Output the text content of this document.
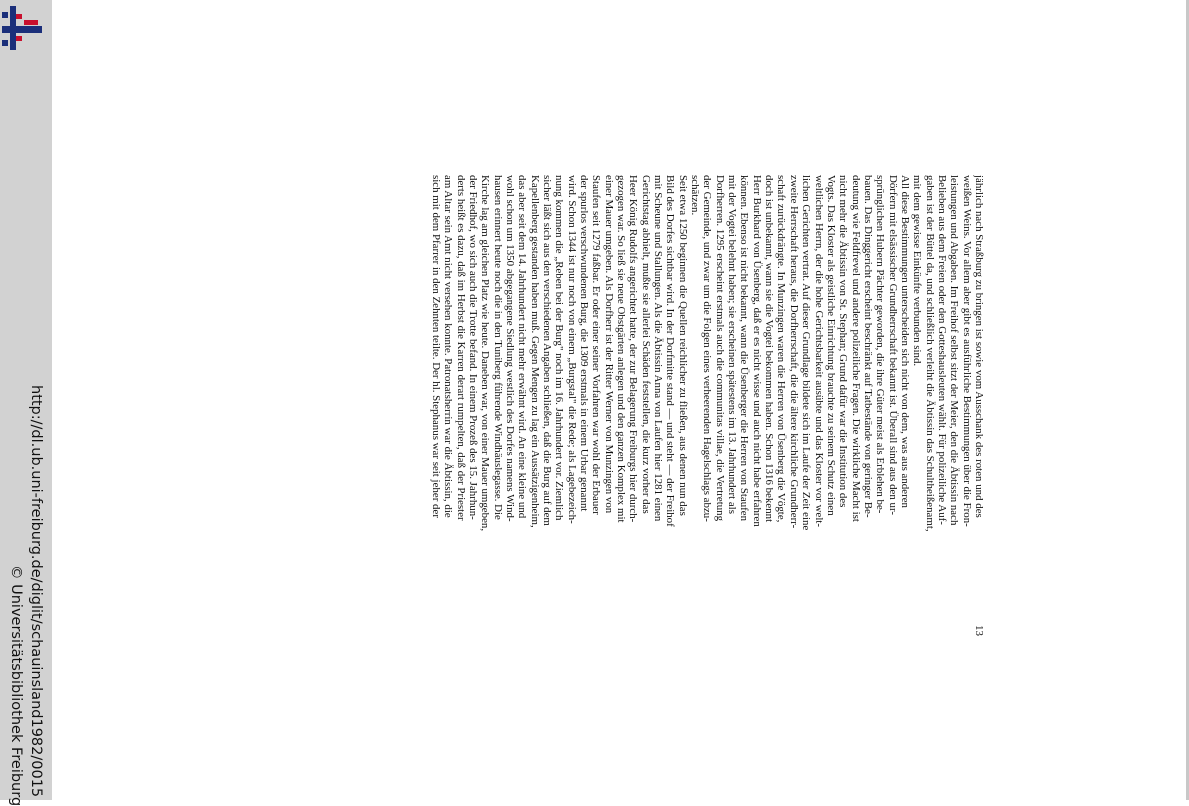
http://dl.ub.uni-freiburg.de/diglit/schauinsland1982/0015
© Universitätsbibliothek Freiburg
jährlich nach Straßburg zu bringen ist sowie vom Ausschank des roten und des
weißen Weins. Vor allem aber gibt es ausführliche Bestimmungen über die Fron-
leistungen und Abgaben. Im Freihof selbst sitzt der Meier, den die Äbtissin nach
Belieben aus dem Freien oder den Gotteshausleuten wählt. Für polizeiliche Auf-
gaben ist der Büttel da, und schließlich verleiht die Äbtissin das Schultheißenamt,
mit dem gewisse Einkünfte verbunden sind.
All diese Bestimmungen unterscheiden sich nicht von dem, was aus anderen
Dörfern mit elsässischer Grundherrschaft bekannt ist. Überall sind aus den ur-
sprünglichen Hubern Pächter geworden, die ihre Güter meist als Erblehen be-
bauen. Das Dinggericht erscheint beschränkt auf Tatbestände von geringer Be-
deutung wie Feldfrevel und andere polizeiliche Fragen. Die wirkliche Macht ist
nicht mehr die Äbtissin von St. Stephan; Grund dafür war die Institution des
Vogts. Das Kloster als geistliche Einrichtung brauchte zu seinem Schutz einen
weltlichen Herrn, der die hohe Gerichtsbarkeit ausübte und das Kloster vor welt-
lichen Gerichten vertrat. Auf dieser Grundlage bildete sich im Laufe der Zeit eine
zweite Herrschaft heraus, die Dorfherrschaft, die die ältere kirchliche Grundherr-
schaft zurückdrängte. In Munzingen waren die Herren von Üsenberg die Vögte,
doch ist unbekannt, wann sie die Vogtei bekommen haben. Schon 1316 bekennt
Herr Burkhard von Üsenberg, daß er es nicht wisse und auch nicht habe erfahren
können. Ebenso ist nicht bekannt, wann die Üsenberger die Herren von Staufen
mit der Vogtei belehnt haben; sie erscheinen spätestens im 13. Jahrhundert als
Dorfherren. 1295 erscheint erstmals auch die communitas villae, die Vertretung
der Gemeinde, und zwar um die Folgen eines verheerenden Hagelschlags abzu-
schätzen.
Seit etwa 1250 beginnen die Quellen reichlicher zu fließen, aus denen nun das
Bild des Dorfes sichtbar wird. In der Dorfmitte stand — und steht — der Freihof
mit Scheune und Stallungen. Als die Äbtissin Anna von Laufen hier 1281 einen
Gerichtstag abhielt, mußte sie allerlei Schäden feststellen, die kurz vorher das
Heer König Rudolfs angerichtet hatte, der zur Belagerung Freiburgs hier durch-
gezogen war. So ließ sie neue Obstgärten anlegen und den ganzen Komplex mit
einer Mauer umgeben. Als Dorfherr ist der Ritter Werner von Munzingen von
Staufen seit 1279 faßbar. Er oder einer seiner Vorfahren war wohl der Erbauer
der spurlos verschwundenen Burg, die 1309 erstmals in einem Urbar genannt
wird. Schon 1344 ist nur noch von einem „Burgstal" die Rede; als Lagebezeich-
nung kommen die „Reben bei der Burg" noch im 16. Jahrhundert vor. Ziemlich
sicher läßt sich aus den verschiedenen Angaben schließen, daß die Burg auf dem
Kapellenberg gestanden haben muß. Gegen Mengen zu lag ein Aussätzigenheim,
das aber seit dem 14. Jahrhundert nicht mehr erwähnt wird. An eine kleine und
wohl schon um 1350 abgegangene Siedlung westlich des Dorfes namens Wind-
hausen erinnert heute noch die in den Tuniberg führende Windhäuslegasse. Die
Kirche lag am gleichen Platz wie heute. Daneben war, von einer Mauer umgeben,
der Friedhof, wo sich auch die Trotte befand. In einem Prozeß des 15. Jahrhun-
derts heißt es dazu, daß im Herbst die Karren derart rumpelten, daß der Priester
am Altar sein Amt nicht versehen konnte. Patronatsherrin war die Äbtissin, die
sich mit dem Pfarrer in den Zehnten teilte. Der hl. Stephanus war seit jeher der
13
